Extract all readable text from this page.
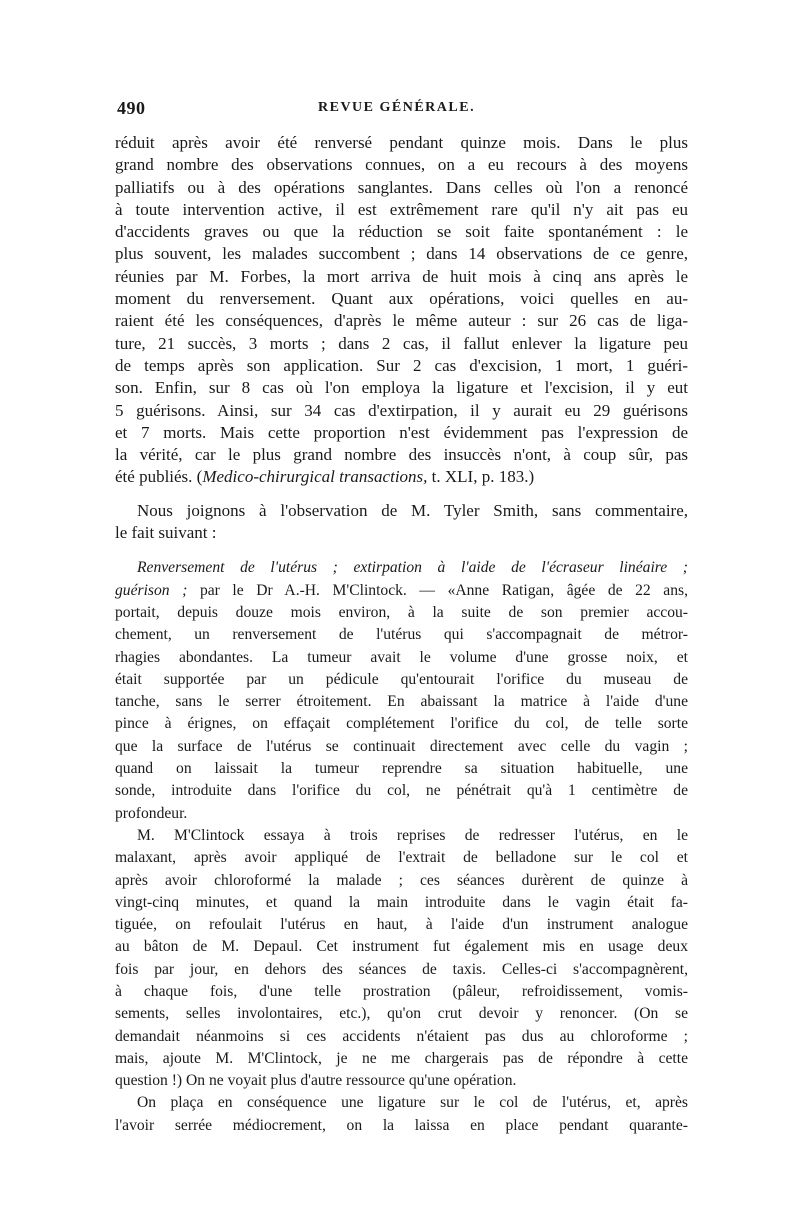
490	REVUE GÉNÉRALE.
réduit après avoir été renversé pendant quinze mois. Dans le plus
grand nombre des observations connues, on a eu recours à des moyens
palliatifs ou à des opérations sanglantes. Dans celles où l'on a renoncé
à toute intervention active, il est extrêmement rare qu'il n'y ait pas eu
d'accidents graves ou que la réduction se soit faite spontanément : le
plus souvent, les malades succombent ; dans 14 observations de ce genre,
réunies par M. Forbes, la mort arriva de huit mois à cinq ans après le
moment du renversement. Quant aux opérations, voici quelles en au-
raient été les conséquences, d'après le même auteur : sur 26 cas de liga-
ture, 21 succès, 3 morts ; dans 2 cas, il fallut enlever la ligature peu
de temps après son application. Sur 2 cas d'excision, 1 mort, 1 guéri-
son. Enfin, sur 8 cas où l'on employa la ligature et l'excision, il y eut
5 guérisons. Ainsi, sur 34 cas d'extirpation, il y aurait eu 29 guérisons
et 7 morts. Mais cette proportion n'est évidemment pas l'expression de
la vérité, car le plus grand nombre des insuccès n'ont, à coup sûr, pas
été publiés. (Medico-chirurgical transactions, t. XLI, p. 183.)
Nous joignons à l'observation de M. Tyler Smith, sans commentaire,
le fait suivant :
Renversement de l'utérus ; extirpation à l'aide de l'écraseur linéaire ;
guérison ; par le Dr A.-H. M'Clintock. — «Anne Ratigan, âgée de 22 ans,
portait, depuis douze mois environ, à la suite de son premier accou-
chement, un renversement de l'utérus qui s'accompagnait de métror-
rhagies abondantes. La tumeur avait le volume d'une grosse noix, et
était supportée par un pédicule qu'entourait l'orifice du museau de
tanche, sans le serrer étroitement. En abaissant la matrice à l'aide d'une
pince à érignes, on effaçait complétement l'orifice du col, de telle sorte
que la surface de l'utérus se continuait directement avec celle du vagin ;
quand on laissait la tumeur reprendre sa situation habituelle, une
sonde, introduite dans l'orifice du col, ne pénétrait qu'à 1 centimètre de
profondeur.
M. M'Clintock essaya à trois reprises de redresser l'utérus, en le
malaxant, après avoir appliqué de l'extrait de belladone sur le col et
après avoir chloroformé la malade ; ces séances durèrent de quinze à
vingt-cinq minutes, et quand la main introduite dans le vagin était fa-
tiguée, on refoulait l'utérus en haut, à l'aide d'un instrument analogue
au bâton de M. Depaul. Cet instrument fut également mis en usage deux
fois par jour, en dehors des séances de taxis. Celles-ci s'accompagnèrent,
à chaque fois, d'une telle prostration (pâleur, refroidissement, vomis-
sements, selles involontaires, etc.), qu'on crut devoir y renoncer. (On se
demandait néanmoins si ces accidents n'étaient pas dus au chloroforme ;
mais, ajoute M. M'Clintock, je ne me chargerais pas de répondre à cette
question !) On ne voyait plus d'autre ressource qu'une opération.
On plaça en conséquence une ligature sur le col de l'utérus, et, après
l'avoir serrée médiocrement, on la laissa en place pendant quarante-
